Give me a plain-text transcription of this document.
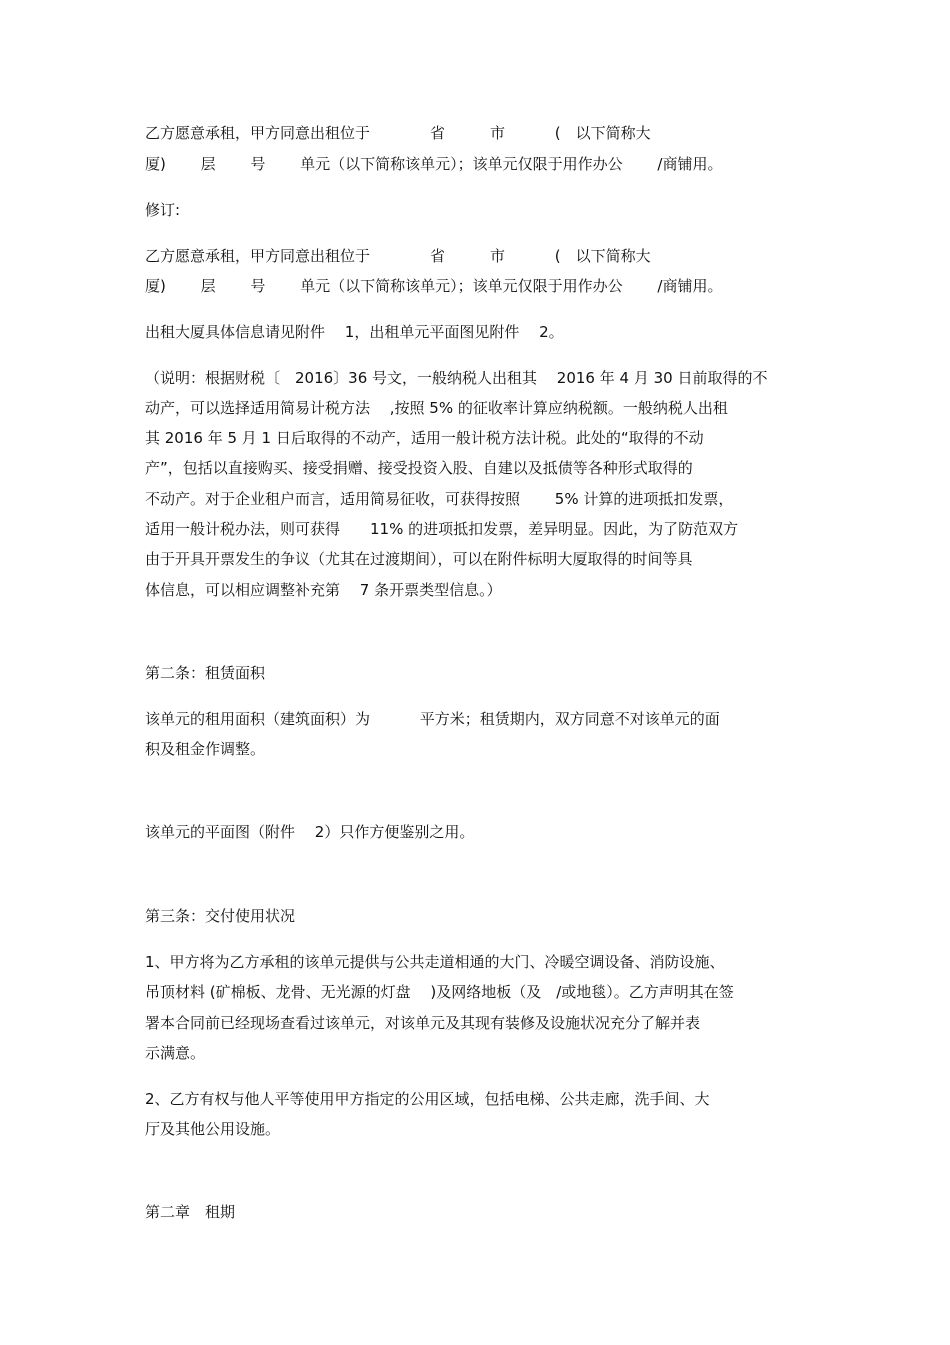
乙方愿意承租，甲方同意出租位于　　　　省　　　市　　　 (　以下简称大

厦)　　 层　　 号　　 单元（以下简称该单元）；该单元仅限于用作办公　　 /商铺用。

修订:

乙方愿意承租，甲方同意出租位于　　　　省　　　市　　　 (　以下简称大

厦)　　 层　　 号　　 单元（以下简称该单元）；该单元仅限于用作办公　　 /商铺用。

出租大厦具体信息请见附件　 1，出租单元平面图见附件　 2。

（说明：根据财税〔　2016〕36 号文，一般纳税人出租其　 2016 年 4 月 30 日前取得的不

动产，可以选择适用简易计税方法　 ,按照 5% 的征收率计算应纳税额。一般纳税人出租

其 2016 年 5 月 1 日后取得的不动产，适用一般计税方法计税。此处的“取得的不动

产”，包括以直接购买、接受捐赠、接受投资入股、自建以及抵债等各种形式取得的

不动产。对于企业租户而言，适用简易征收，可获得按照　　 5% 计算的进项抵扣发票，

适用一般计税办法，则可获得　　11% 的进项抵扣发票，差异明显。因此，为了防范双方

由于开具开票发生的争议（尤其在过渡期间），可以在附件标明大厦取得的时间等具

体信息，可以相应调整补充第　 7 条开票类型信息。）

第二条：租赁面积

该单元的租用面积（建筑面积）为　　　 平方米；租赁期内，双方同意不对该单元的面

积及租金作调整。

该单元的平面图（附件　 2）只作方便鉴别之用。

第三条：交付使用状况

1、甲方将为乙方承租的该单元提供与公共走道相通的大门、冷暖空调设备、消防设施、

吊顶材料 (矿棉板、龙骨、无光源的灯盘　 )及网络地板（及　/或地毯）。乙方声明其在签

署本合同前已经现场查看过该单元，对该单元及其现有装修及设施状况充分了解并表

示满意。

2、乙方有权与他人平等使用甲方指定的公用区域，包括电梯、公共走廊，洗手间、大

厅及其他公用设施。

第二章　租期
